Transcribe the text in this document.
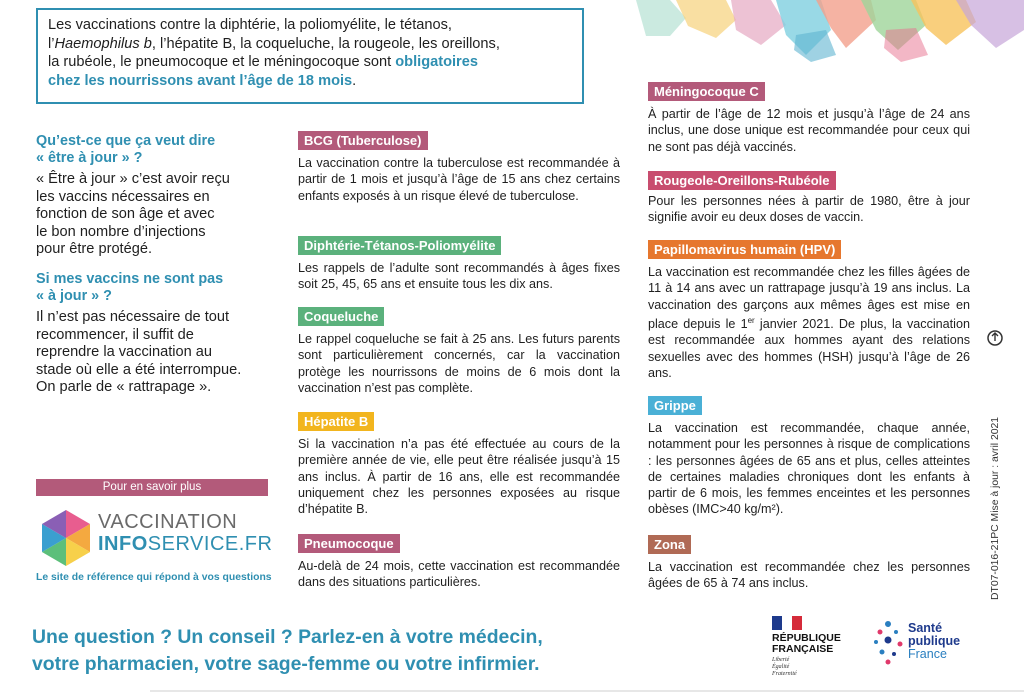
Les vaccinations contre la diphtérie, la poliomyélite, le tétanos,
l’Haemophilus b, l’hépatite B, la coqueluche, la rougeole, les oreillons,
la rubéole, le pneumocoque et le méningocoque sont obligatoires
chez les nourrissons avant l’âge de 18 mois.
Qu’est-ce que ça veut dire
« être à jour » ?
« Être à jour » c’est avoir reçu
les vaccins nécessaires en
fonction de son âge et avec
le bon nombre d’injections
pour être protégé.
Si mes vaccins ne sont pas
« à jour » ?
Il n’est pas nécessaire de tout
recommencer, il suffit de
reprendre la vaccination au
stade où elle a été interrompue.
On parle de « rattrapage ».
BCG (Tuberculose)
La vaccination contre la tuberculose est recommandée à partir de 1 mois et jusqu’à l’âge de 15 ans chez certains enfants exposés à un risque élevé de tuberculose.
Diphtérie-Tétanos-Poliomyélite
Les rappels de l’adulte sont recommandés à âges fixes soit 25, 45, 65 ans et ensuite tous les dix ans.
Coqueluche
Le rappel coqueluche se fait à 25 ans. Les futurs parents sont particulièrement concernés, car la vaccination protège les nourrissons de moins de 6 mois dont la vaccination n’est pas complète.
Hépatite B
Si la vaccination n’a pas été effectuée au cours de la première année de vie, elle peut être réalisée jusqu’à 15 ans inclus. À partir de 16 ans, elle est recommandée uniquement chez les personnes exposées au risque d’hépatite B.
Pneumocoque
Au-delà de 24 mois, cette vaccination est recommandée dans des situations particulières.
Méningocoque C
À partir de l’âge de 12 mois et jusqu’à l’âge de 24 ans inclus, une dose unique est recommandée pour ceux qui ne sont pas déjà vaccinés.
Rougeole-Oreillons-Rubéole
Pour les personnes nées à partir de 1980, être à jour signifie avoir eu deux doses de vaccin.
Papillomavirus humain (HPV)
La vaccination est recommandée chez les filles âgées de 11 à 14 ans avec un rattrapage jusqu’à 19 ans inclus. La vaccination des garçons aux mêmes âges est mise en place depuis le 1er janvier 2021. De plus, la vaccination est recommandée aux hommes ayant des relations sexuelles avec des hommes (HSH) jusqu’à l’âge de 26 ans.
Grippe
La vaccination est recommandée, chaque année, notamment pour les personnes à risque de complications : les personnes âgées de 65 ans et plus, celles atteintes de certaines maladies chroniques dont les enfants à partir de 6 mois, les femmes enceintes et les personnes obèses (IMC>40 kg/m²).
Zona
La vaccination est recommandée chez les personnes âgées de 65 à 74 ans inclus.
Pour en savoir plus
VACCINATION
INFOSERVICE.FR
Le site de référence qui répond à vos questions
Une question ? Un conseil ? Parlez-en à votre médecin,
votre pharmacien, votre sage-femme ou votre infirmier.
RÉPUBLIQUE
FRANÇAISE
Liberté
Égalité
Fraternité
Santé
publique
France
DT07-016-21PC Mise à jour : avril 2021
